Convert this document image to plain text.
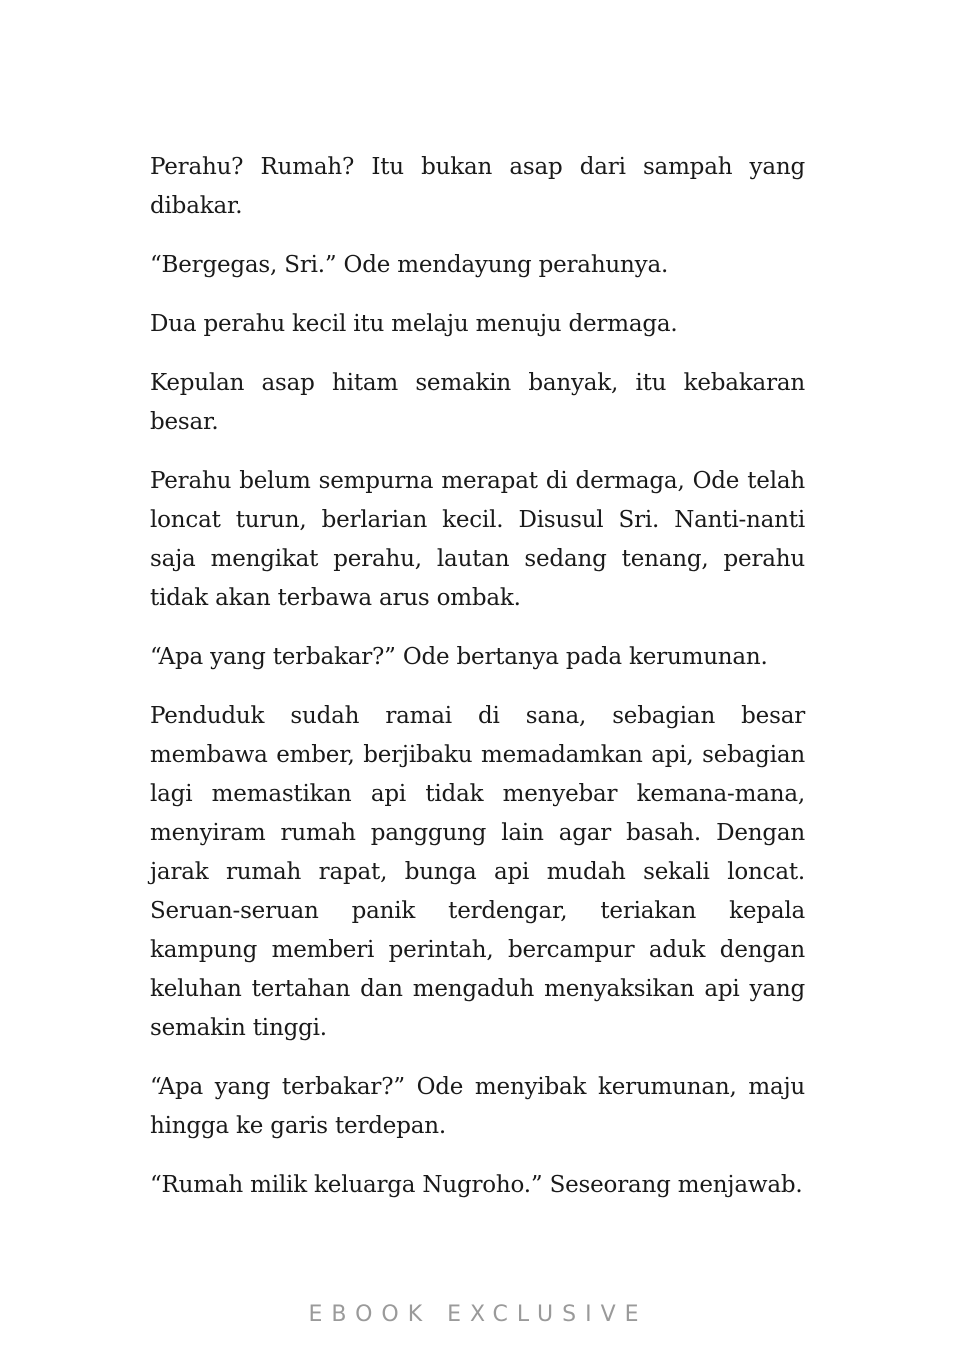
Perahu? Rumah? Itu bukan asap dari sampah yang dibakar.

“Bergegas, Sri.” Ode mendayung perahunya.

Dua perahu kecil itu melaju menuju dermaga.

Kepulan asap hitam semakin banyak, itu kebakaran besar.

Perahu belum sempurna merapat di dermaga, Ode telah loncat turun, berlarian kecil. Disusul Sri. Nanti-nanti saja mengikat perahu, lautan sedang tenang, perahu tidak akan terbawa arus ombak.

“Apa yang terbakar?” Ode bertanya pada kerumunan.

Penduduk sudah ramai di sana, sebagian besar membawa ember, berjibaku memadamkan api, sebagian lagi memastikan api tidak menyebar kemana-mana, menyiram rumah panggung lain agar basah. Dengan jarak rumah rapat, bunga api mudah sekali loncat. Seruan-seruan panik terdengar, teriakan kepala kampung memberi perintah, bercampur aduk dengan keluhan tertahan dan mengaduh menyaksikan api yang semakin tinggi.

“Apa yang terbakar?” Ode menyibak kerumunan, maju hingga ke garis terdepan.

“Rumah milik keluarga Nugroho.” Seseorang menjawab.

EBOOK EXCLUSIVE
